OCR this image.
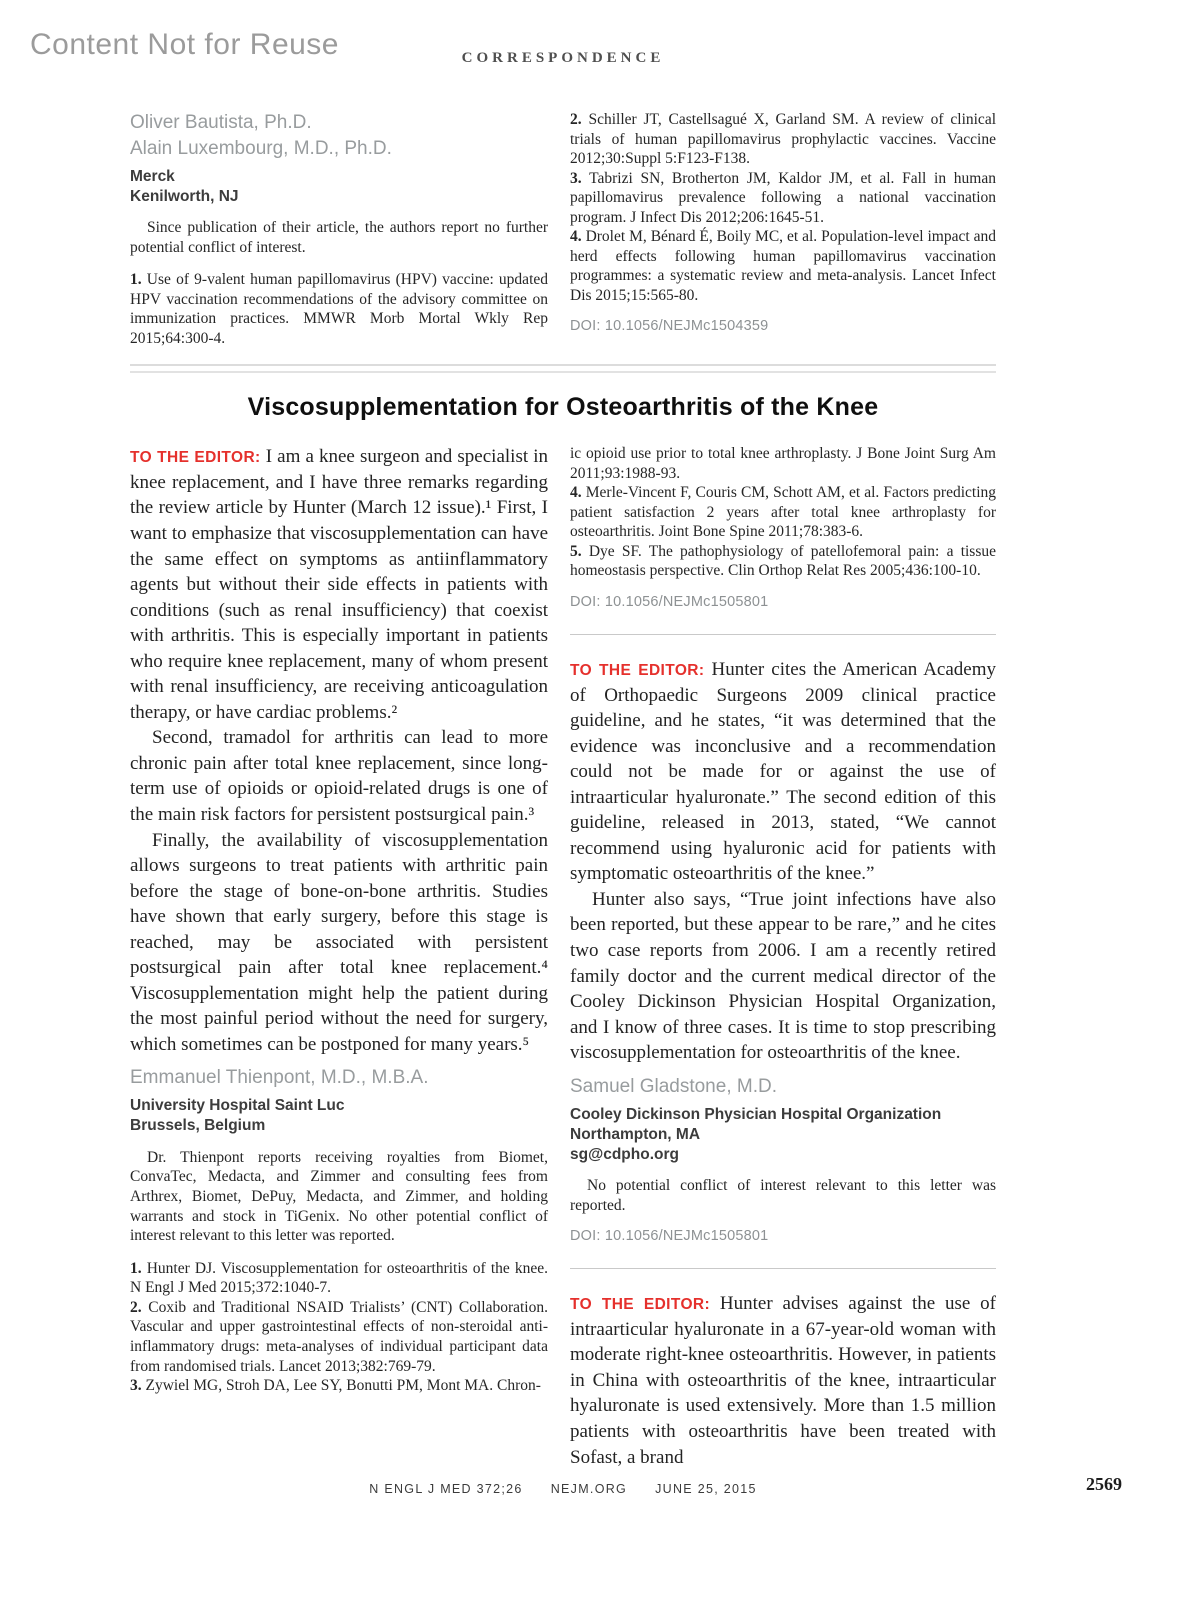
Content Not for Reuse	CORRESPONDENCE
Oliver Bautista, Ph.D.
Alain Luxembourg, M.D., Ph.D.
Merck
Kenilworth, NJ

Since publication of their article, the authors report no further potential conflict of interest.

1. Use of 9-valent human papillomavirus (HPV) vaccine: updated HPV vaccination recommendations of the advisory committee on immunization practices. MMWR Morb Mortal Wkly Rep 2015;64:300-4.

2. Schiller JT, Castellsagué X, Garland SM. A review of clinical trials of human papillomavirus prophylactic vaccines. Vaccine 2012;30:Suppl 5:F123-F138.

3. Tabrizi SN, Brotherton JM, Kaldor JM, et al. Fall in human papillomavirus prevalence following a national vaccination program. J Infect Dis 2012;206:1645-51.

4. Drolet M, Bénard É, Boily MC, et al. Population-level impact and herd effects following human papillomavirus vaccination programmes: a systematic review and meta-analysis. Lancet Infect Dis 2015;15:565-80.

DOI: 10.1056/NEJMc1504359
Viscosupplementation for Osteoarthritis of the Knee

TO THE EDITOR: I am a knee surgeon and specialist in knee replacement, and I have three remarks regarding the review article by Hunter (March 12 issue).¹ First, I want to emphasize that viscosupplementation can have the same effect on symptoms as antiinflammatory agents but without their side effects in patients with conditions (such as renal insufficiency) that coexist with arthritis. This is especially important in patients who require knee replacement, many of whom present with renal insufficiency, are receiving anticoagulation therapy, or have cardiac problems.²

Second, tramadol for arthritis can lead to more chronic pain after total knee replacement, since long-term use of opioids or opioid-related drugs is one of the main risk factors for persistent postsurgical pain.³

Finally, the availability of viscosupplementation allows surgeons to treat patients with arthritic pain before the stage of bone-on-bone arthritis. Studies have shown that early surgery, before this stage is reached, may be associated with persistent postsurgical pain after total knee replacement.⁴ Viscosupplementation might help the patient during the most painful period without the need for surgery, which sometimes can be postponed for many years.⁵

Emmanuel Thienpont, M.D., M.B.A.
University Hospital Saint Luc
Brussels, Belgium

Dr. Thienpont reports receiving royalties from Biomet, ConvaTec, Medacta, and Zimmer and consulting fees from Arthrex, Biomet, DePuy, Medacta, and Zimmer, and holding warrants and stock in TiGenix. No other potential conflict of interest relevant to this letter was reported.

1. Hunter DJ. Viscosupplementation for osteoarthritis of the knee. N Engl J Med 2015;372:1040-7.

2. Coxib and Traditional NSAID Trialists’ (CNT) Collaboration. Vascular and upper gastrointestinal effects of non-steroidal anti-inflammatory drugs: meta-analyses of individual participant data from randomised trials. Lancet 2013;382:769-79.

3. Zywiel MG, Stroh DA, Lee SY, Bonutti PM, Mont MA. Chron-

ic opioid use prior to total knee arthroplasty. J Bone Joint Surg Am 2011;93:1988-93.

4. Merle-Vincent F, Couris CM, Schott AM, et al. Factors predicting patient satisfaction 2 years after total knee arthroplasty for osteoarthritis. Joint Bone Spine 2011;78:383-6.

5. Dye SF. The pathophysiology of patellofemoral pain: a tissue homeostasis perspective. Clin Orthop Relat Res 2005;436:100-10.

DOI: 10.1056/NEJMc1505801

TO THE EDITOR: Hunter cites the American Academy of Orthopaedic Surgeons 2009 clinical practice guideline, and he states, “it was determined that the evidence was inconclusive and a recommendation could not be made for or against the use of intraarticular hyaluronate.” The second edition of this guideline, released in 2013, stated, “We cannot recommend using hyaluronic acid for patients with symptomatic osteoarthritis of the knee.”

Hunter also says, “True joint infections have also been reported, but these appear to be rare,” and he cites two case reports from 2006. I am a recently retired family doctor and the current medical director of the Cooley Dickinson Physician Hospital Organization, and I know of three cases. It is time to stop prescribing viscosupplementation for osteoarthritis of the knee.

Samuel Gladstone, M.D.
Cooley Dickinson Physician Hospital Organization
Northampton, MA
sg@cdpho.org

No potential conflict of interest relevant to this letter was reported.

DOI: 10.1056/NEJMc1505801

TO THE EDITOR: Hunter advises against the use of intraarticular hyaluronate in a 67-year-old woman with moderate right-knee osteoarthritis. However, in patients in China with osteoarthritis of the knee, intraarticular hyaluronate is used extensively. More than 1.5 million patients with osteoarthritis have been treated with Sofast, a brand

N ENGL J MED 372;26 NEJM.ORG JUNE 25, 2015	2569
